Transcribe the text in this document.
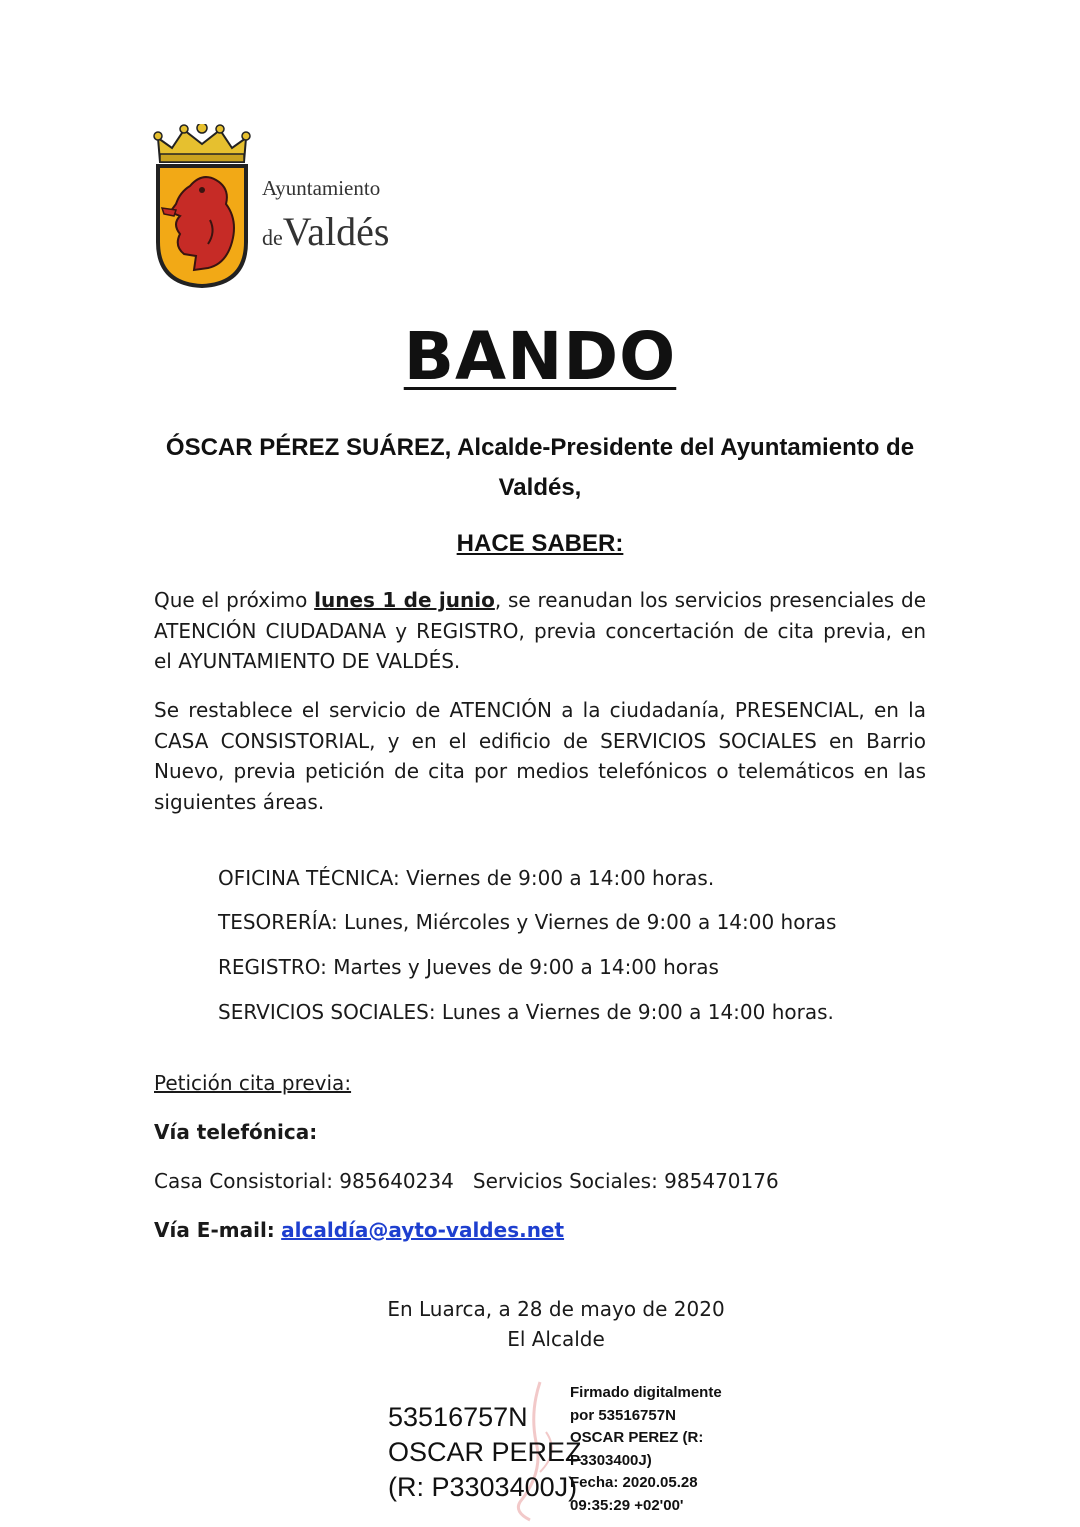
Ayuntamiento
deValdés
BANDO
ÓSCAR PÉREZ SUÁREZ, Alcalde-Presidente del Ayuntamiento de Valdés,
HACE SABER:
Que el próximo lunes 1 de junio, se reanudan los servicios presenciales de ATENCIÓN CIUDADANA y REGISTRO, previa concertación de cita previa, en el AYUNTAMIENTO DE VALDÉS.
Se restablece el servicio de ATENCIÓN a la ciudadanía, PRESENCIAL, en la CASA CONSISTORIAL, y en el edificio de SERVICIOS SOCIALES en Barrio Nuevo, previa petición de cita por medios telefónicos o telemáticos en las siguientes áreas.
OFICINA TÉCNICA: Viernes de 9:00 a 14:00 horas.
TESORERÍA: Lunes, Miércoles y Viernes de 9:00 a 14:00 horas
REGISTRO: Martes y Jueves de 9:00 a 14:00 horas
SERVICIOS SOCIALES: Lunes a Viernes de 9:00 a 14:00 horas.
Petición cita previa:
Vía telefónica:
Casa Consistorial: 985640234   Servicios Sociales: 985470176
Vía E-mail: alcaldía@ayto-valdes.net
En Luarca, a 28 de mayo de 2020
El Alcalde
53516757N
OSCAR PEREZ
(R: P3303400J)
Firmado digitalmente
por 53516757N
OSCAR PEREZ (R:
P3303400J)
Fecha: 2020.05.28
09:35:29 +02'00'
